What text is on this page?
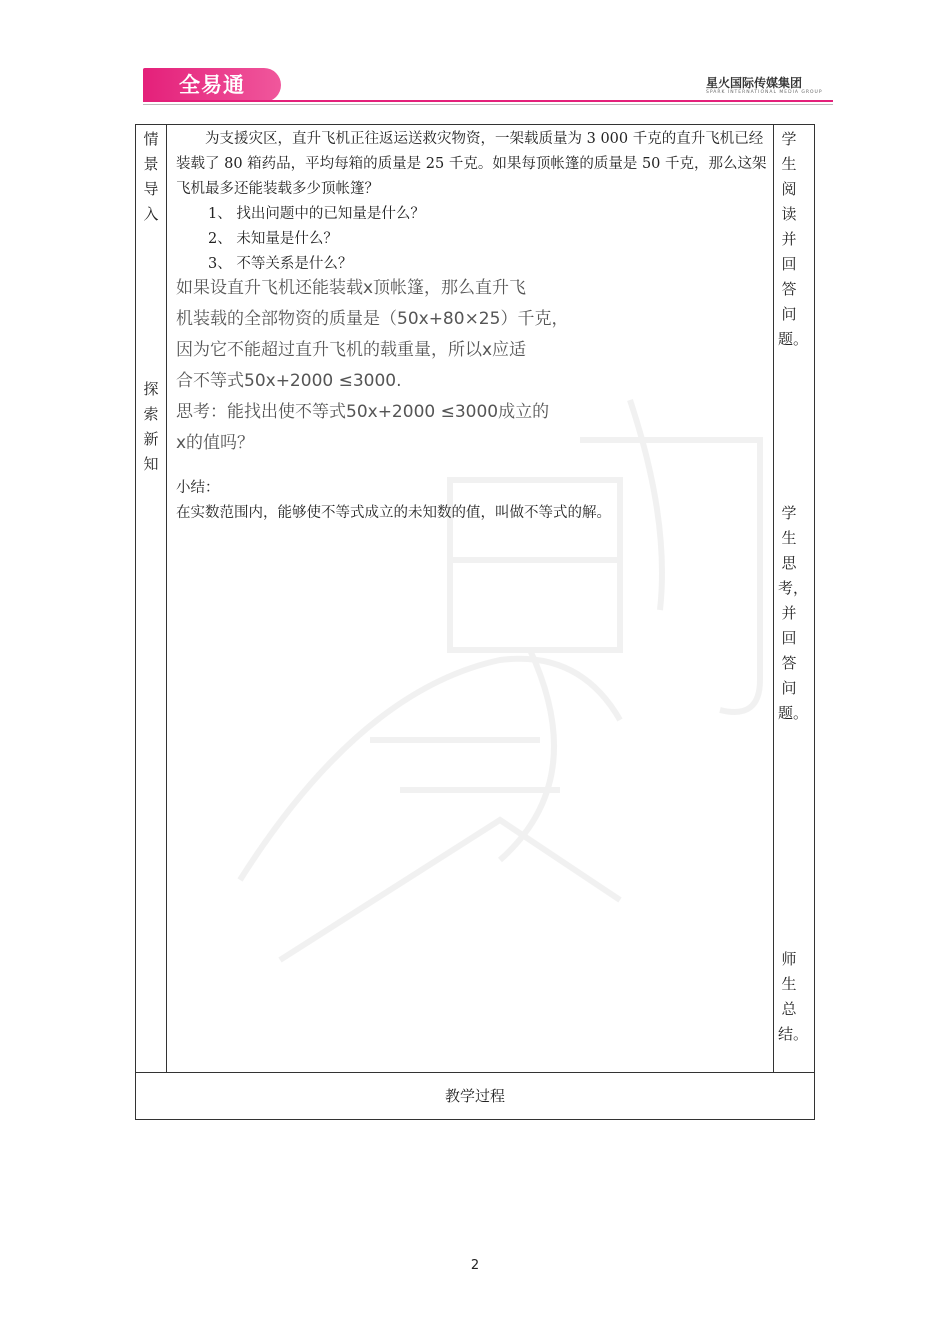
全易通	星火国际传媒集团
SPARK INTERNATIONAL MEDIA GROUP
情景导入
探索新知
为支援灾区，直升飞机正往返运送救灾物资，一架载质量为 3 000 千克的直升飞机已经装载了 80 箱药品，平均每箱的质量是 25 千克。如果每顶帐篷的质量是 50 千克，那么这架飞机最多还能装载多少顶帐篷？
1、 找出问题中的已知量是什么？
2、 未知量是什么？
3、 不等关系是什么？
如果设直升飞机还能装载x顶帐篷，那么直升飞
机装载的全部物资的质量是（50x+80×25）千克，
因为它不能超过直升飞机的载重量，所以x应适
合不等式50x+2000 ≤3000.
思考：能找出使不等式50x+2000 ≤3000成立的
x的值吗？
小结：
在实数范围内，能够使不等式成立的未知数的值，叫做不等式的解。
学生阅读并回答问题。
学生思考，并回答问题。
师生总结。
教学过程
2
